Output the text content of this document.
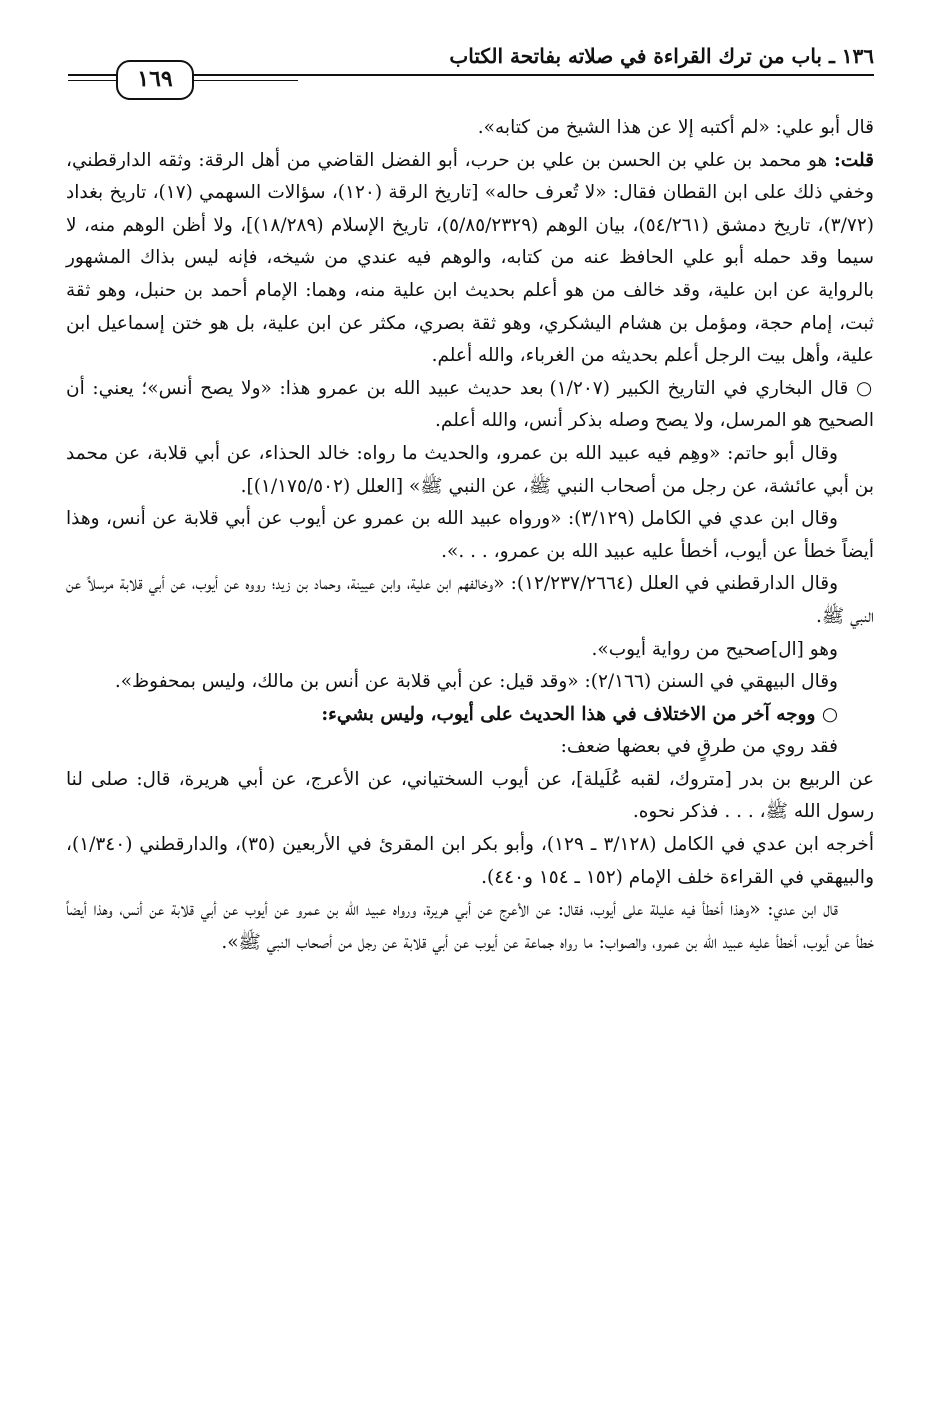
١٣٦ ـ باب من ترك القراءة في صلاته بفاتحة الكتاب
١٦٩

قال أبو علي: «لم أكتبه إلا عن هذا الشيخ من كتابه».

قلت: هو محمد بن علي بن الحسن بن علي بن حرب، أبو الفضل القاضي من أهل الرقة: وثقه الدارقطني، وخفي ذلك على ابن القطان فقال: «لا تُعرف حاله» [تاريخ الرقة (١٢٠)، سؤالات السهمي (١٧)، تاريخ بغداد (٣/٧٢)، تاريخ دمشق (٥٤/٢٦١)، بيان الوهم (٥/٨٥/٢٣٢٩)، تاريخ الإسلام (١٨/٢٨٩)]، ولا أظن الوهم منه، لا سيما وقد حمله أبو علي الحافظ عنه من كتابه، والوهم فيه عندي من شيخه، فإنه ليس بذاك المشهور بالرواية عن ابن علية، وقد خالف من هو أعلم بحديث ابن علية منه، وهما: الإمام أحمد بن حنبل، وهو ثقة ثبت، إمام حجة، ومؤمل بن هشام اليشكري، وهو ثقة بصري، مكثر عن ابن علية، بل هو ختن إسماعيل ابن علية، وأهل بيت الرجل أعلم بحديثه من الغرباء، والله أعلم.

○ قال البخاري في التاريخ الكبير (١/٢٠٧) بعد حديث عبيد الله بن عمرو هذا: «ولا يصح أنس»؛ يعني: أن الصحيح هو المرسل، ولا يصح وصله بذكر أنس، والله أعلم.

وقال أبو حاتم: «وهِم فيه عبيد الله بن عمرو، والحديث ما رواه: خالد الحذاء، عن أبي قلابة، عن محمد بن أبي عائشة، عن رجل من أصحاب النبي ﷺ، عن النبي ﷺ» [العلل (١/١٧٥/٥٠٢)].

وقال ابن عدي في الكامل (٣/١٢٩): «ورواه عبيد الله بن عمرو عن أيوب عن أبي قلابة عن أنس، وهذا أيضاً خطأ عن أيوب، أخطأ عليه عبيد الله بن عمرو، . . .».

وقال الدارقطني في العلل (١٢/٢٣٧/٢٦٦٤): «وخالفهم ابن علية، وابن عيينة، وحماد بن زيد؛ رووه عن أيوب، عن أبي قلابة مرسلاً عن النبي ﷺ.

وهو [ال]صحيح من رواية أيوب».

وقال البيهقي في السنن (٢/١٦٦): «وقد قيل: عن أبي قلابة عن أنس بن مالك، وليس بمحفوظ».

○ ووجه آخر من الاختلاف في هذا الحديث على أيوب، وليس بشيء:

فقد روي من طرقٍ في بعضها ضعف:

عن الربيع بن بدر [متروك، لقبه عُلَيلة]، عن أيوب السختياني، عن الأعرج، عن أبي هريرة، قال: صلى لنا رسول الله ﷺ، . . . فذكر نحوه.

أخرجه ابن عدي في الكامل (٣/١٢٨ ـ ١٢٩)، وأبو بكر ابن المقرئ في الأربعين (٣٥)، والدارقطني (١/٣٤٠)، والبيهقي في القراءة خلف الإمام (١٥٢ ـ ١٥٤ و٤٤٠).

قال ابن عدي: «وهذا أخطأ فيه عليلة على أيوب، فقال: عن الأعرج عن أبي هريرة، ورواه عبيد الله بن عمرو عن أيوب عن أبي قلابة عن أنس، وهذا أيضاً خطأ عن أيوب، أخطأ عليه عبيد الله بن عمرو، والصواب: ما رواه جماعة عن أيوب عن أبي قلابة عن رجل من أصحاب النبي ﷺ».
